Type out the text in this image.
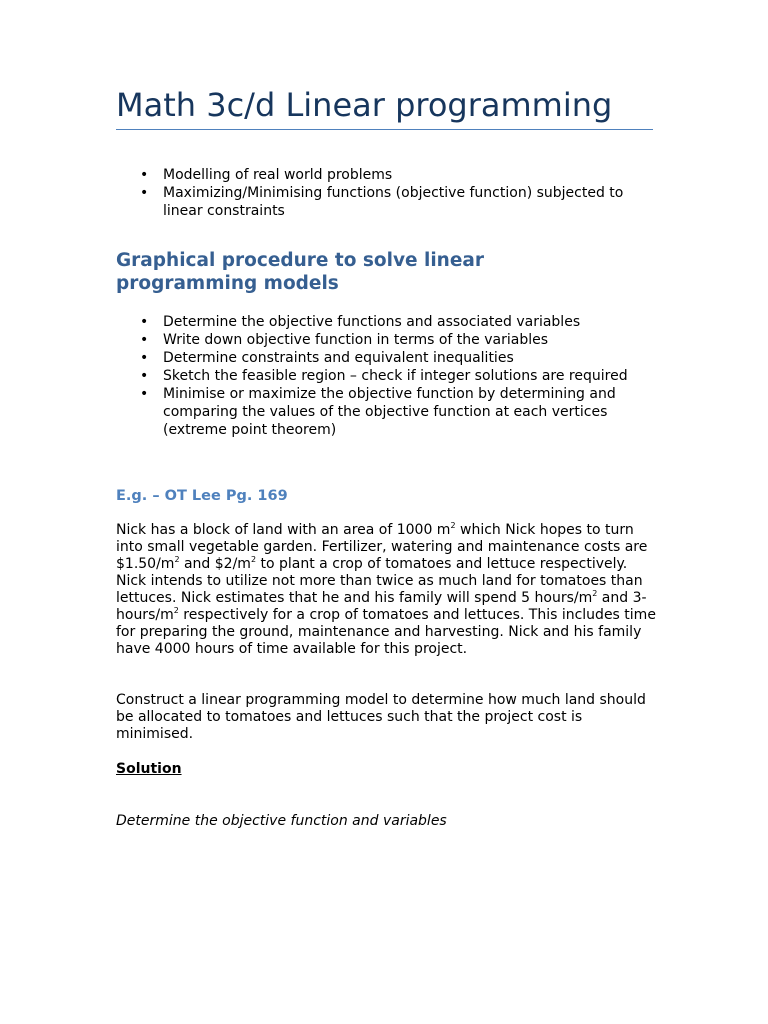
Math 3c/d Linear programming
• Modelling of real world problems
• Maximizing/Minimising functions (objective function) subjected to linear constraints
Graphical procedure to solve linear programming models
• Determine the objective functions and associated variables
• Write down objective function in terms of the variables
• Determine constraints and equivalent inequalities
• Sketch the feasible region – check if integer solutions are required
• Minimise or maximize the objective function by determining and comparing the values of the objective function at each vertices (extreme point theorem)
E.g. – OT Lee Pg. 169

Nick has a block of land with an area of 1000 $m^2$ which Nick hopes to turn into small vegetable garden. Fertilizer, watering and maintenance costs are $\$1.50/m^2$ and $\$2/m^2$ to plant a crop of tomatoes and lettuce respectively. Nick intends to utilize not more than twice as much land for tomatoes than lettuces. Nick estimates that he and his family will spend 5 hours/$m^2$ and $3-hours/m^2$ respectively for a crop of tomatoes and lettuces. This includes time for preparing the ground, maintenance and harvesting. Nick and his family have 4000 hours of time available for this project.

Construct a linear programming model to determine how much land should be allocated to tomatoes and lettuces such that the project cost is minimised.

Solution

Determine the objective function and variables
